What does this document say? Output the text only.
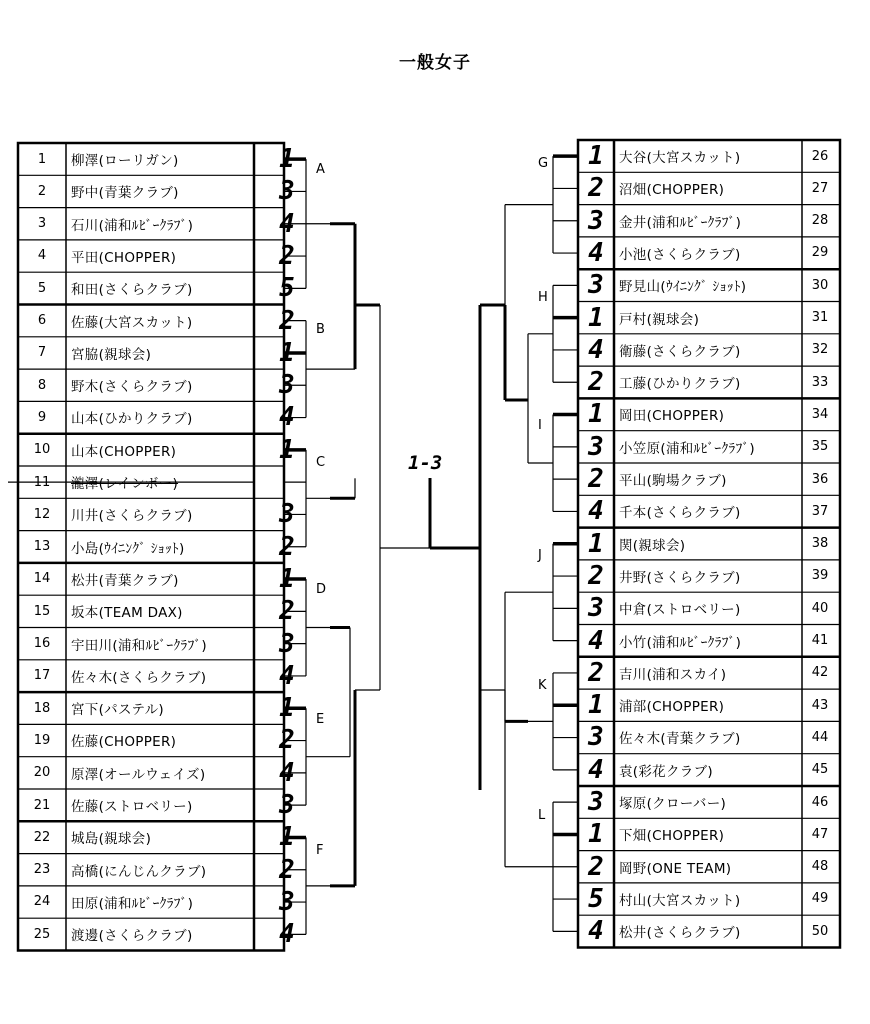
一般女子
1	柳澤(ローリガン)	1
2	野中(青葉クラブ)	3
3	石川(浦和ﾙﾋﾞｰｸﾗﾌﾞ)	4
4	平田(CHOPPER)	2
5	和田(さくらクラブ)	5
6	佐藤(大宮スカット)	2
7	宮脇(親球会)	1
8	野木(さくらクラブ)	3
9	山本(ひかりクラブ)	4
10	山本(CHOPPER)	1
11	瀧澤(レインボー)
12	川井(さくらクラブ)	3
13	小島(ｳｲﾆﾝｸﾞ ｼｮｯﾄ)	2
14	松井(青葉クラブ)	1
15	坂本(TEAM DAX)	2
16	宇田川(浦和ﾙﾋﾞｰｸﾗﾌﾞ)	3
17	佐々木(さくらクラブ)	4
18	宮下(パステル)	1
19	佐藤(CHOPPER)	2
20	原澤(オールウェイズ)	4
21	佐藤(ストロベリー)	3
22	城島(親球会)	1
23	高橋(にんじんクラブ)	2
24	田原(浦和ﾙﾋﾞｰｸﾗﾌﾞ)	3
25	渡邊(さくらクラブ)	4
1	大谷(大宮スカット)	26
2	沼畑(CHOPPER)	27
3	金井(浦和ﾙﾋﾞｰｸﾗﾌﾞ)	28
4	小池(さくらクラブ)	29
3	野見山(ｳｲﾆﾝｸﾞ ｼｮｯﾄ)	30
1	戸村(親球会)	31
4	衛藤(さくらクラブ)	32
2	工藤(ひかりクラブ)	33
1	岡田(CHOPPER)	34
3	小笠原(浦和ﾙﾋﾞｰｸﾗﾌﾞ)	35
2	平山(駒場クラブ)	36
4	千本(さくらクラブ)	37
1	関(親球会)	38
2	井野(さくらクラブ)	39
3	中倉(ストロベリー)	40
4	小竹(浦和ﾙﾋﾞｰｸﾗﾌﾞ)	41
2	吉川(浦和スカイ)	42
1	浦部(CHOPPER)	43
3	佐々木(青葉クラブ)	44
4	袁(彩花クラブ)	45
3	塚原(クローバー)	46
1	下畑(CHOPPER)	47
2	岡野(ONE TEAM)	48
5	村山(大宮スカット)	49
4	松井(さくらクラブ)	50
A
B
C
D
E
F
G
H
I
J
K
L
1-3
